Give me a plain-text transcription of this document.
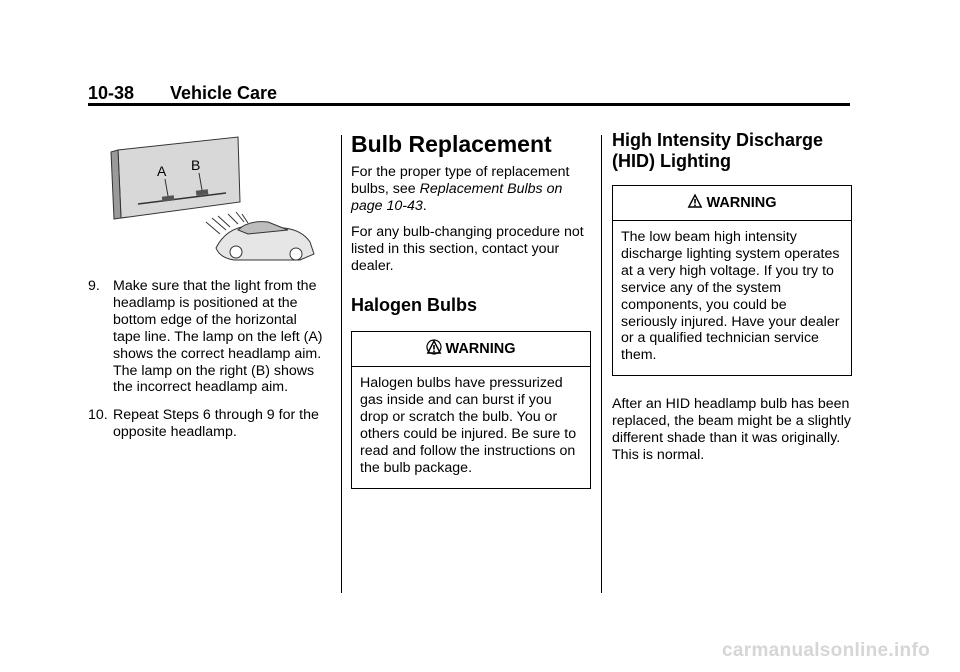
10-38 Vehicle Care
A B

9. Make sure that the light from the headlamp is positioned at the bottom edge of the horizontal tape line. The lamp on the left (A) shows the correct headlamp aim. The lamp on the right (B) shows the incorrect headlamp aim.

10. Repeat Steps 6 through 9 for the opposite headlamp.

Bulb Replacement

For the proper type of replacement bulbs, see Replacement Bulbs on page 10-43.

For any bulb-changing procedure not listed in this section, contact your dealer.

Halogen Bulbs
WARNING

Halogen bulbs have pressurized gas inside and can burst if you drop or scratch the bulb. You or others could be injured. Be sure to read and follow the instructions on the bulb package.

High Intensity Discharge (HID) Lighting
WARNING

The low beam high intensity discharge lighting system operates at a very high voltage. If you try to service any of the system components, you could be seriously injured. Have your dealer or a qualified technician service them.

After an HID headlamp bulb has been replaced, the beam might be a slightly different shade than it was originally. This is normal.

carmanualsonline.info
